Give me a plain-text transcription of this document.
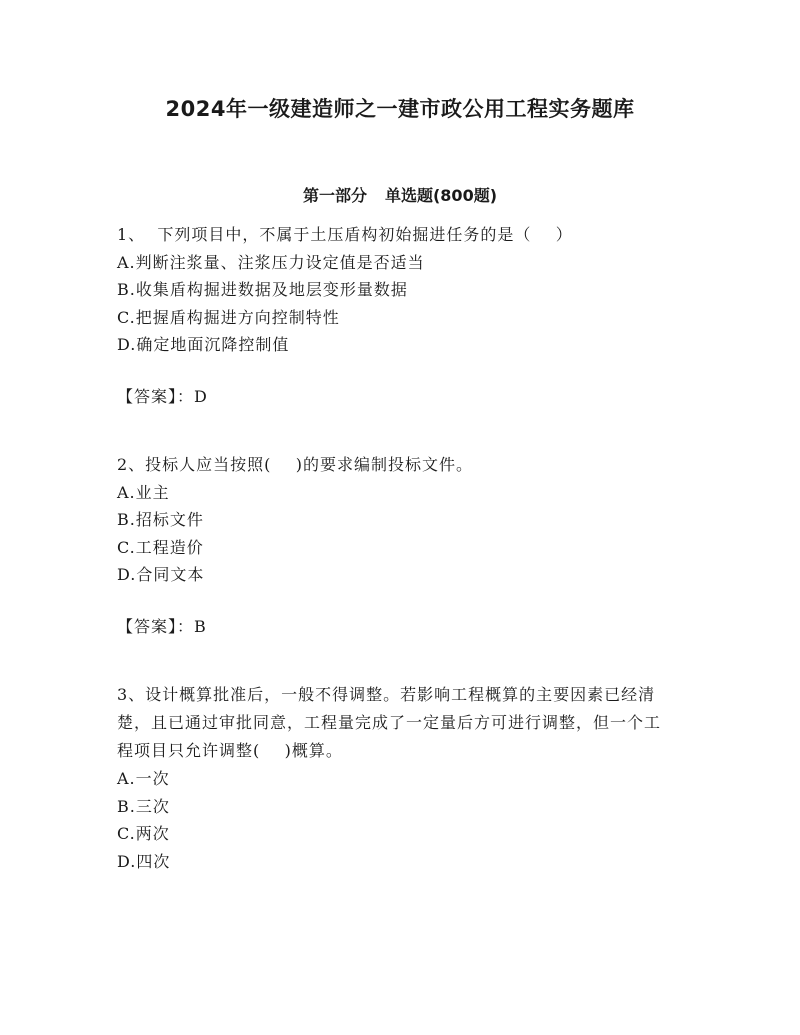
2024年一级建造师之一建市政公用工程实务题库
第一部分 单选题(800题)
1、  下列项目中，不属于土压盾构初始掘进任务的是（    ）
A.判断注浆量、注浆压力设定值是否适当
B.收集盾构掘进数据及地层变形量数据
C.把握盾构掘进方向控制特性
D.确定地面沉降控制值
【答案】：D
2、投标人应当按照(    )的要求编制投标文件。
A.业主
B.招标文件
C.工程造价
D.合同文本
【答案】：B
3、设计概算批准后，一般不得调整。若影响工程概算的主要因素已经清楚，且已通过审批同意，工程量完成了一定量后方可进行调整，但一个工程项目只允许调整(    )概算。
A.一次
B.三次
C.两次
D.四次
